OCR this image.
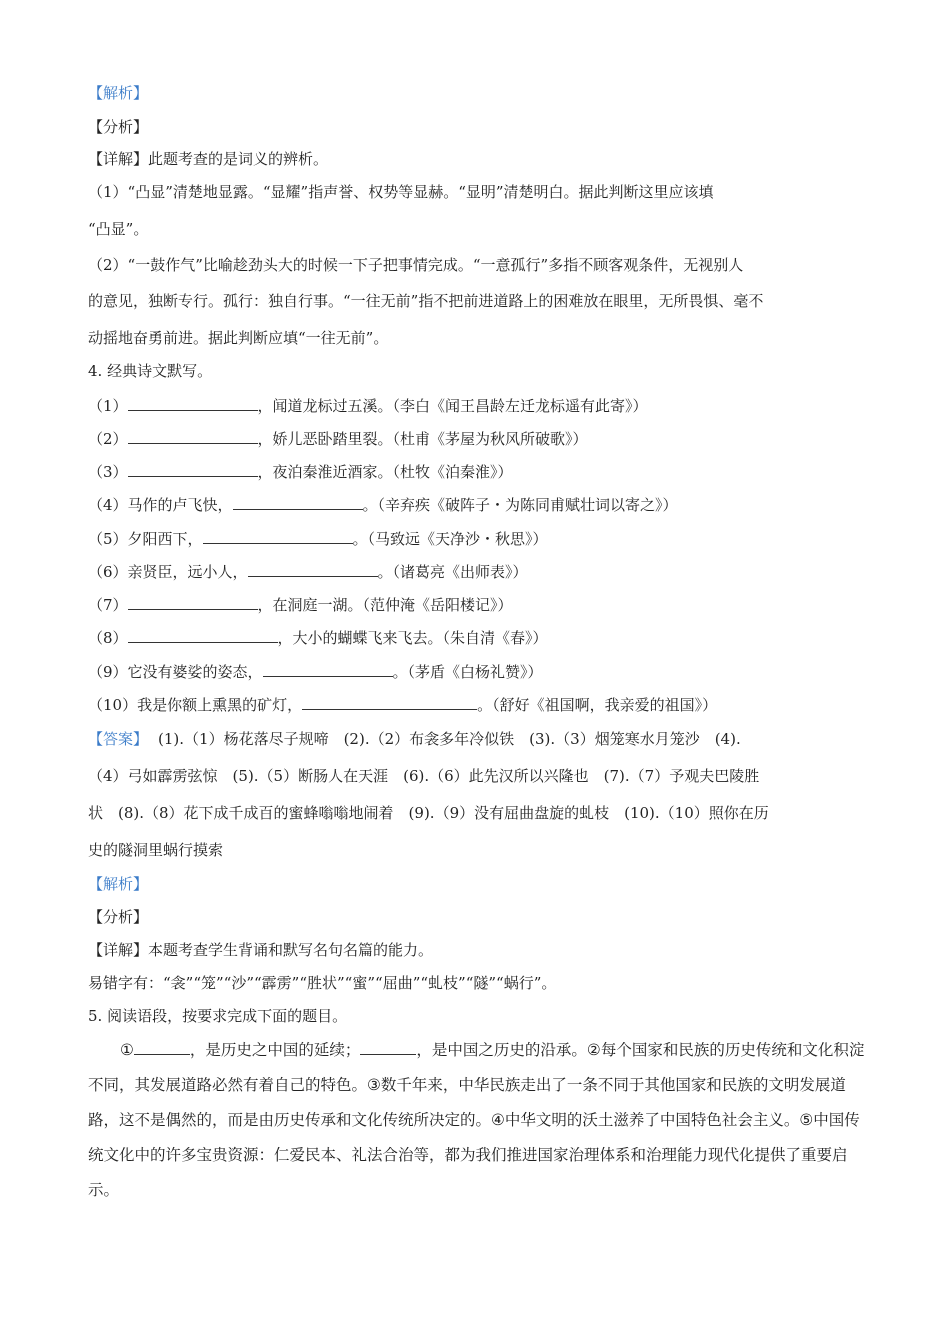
【解析】
【分析】
【详解】此题考查的是词义的辨析。
（1）“凸显”清楚地显露。“显耀”指声誉、权势等显赫。“显明”清楚明白。据此判断这里应该填
“凸显”。
（2）“一鼓作气”比喻趁劲头大的时候一下子把事情完成。“一意孤行”多指不顾客观条件，无视别人
的意见，独断专行。孤行：独自行事。“一往无前”指不把前进道路上的困难放在眼里，无所畏惧、毫不
动摇地奋勇前进。据此判断应填“一往无前”。
4. 经典诗文默写。
（1）	，闻道龙标过五溪。（李白《闻王昌龄左迁龙标遥有此寄》）
（2）	，娇儿恶卧踏里裂。（杜甫《茅屋为秋风所破歌》）
（3）	，夜泊秦淮近酒家。（杜牧《泊秦淮》）
（4）马作的卢飞快，	。（辛弃疾《破阵子・为陈同甫赋壮词以寄之》）
（5）夕阳西下，	。（马致远《天净沙・秋思》）
（6）亲贤臣，远小人，	。（诸葛亮《出师表》）
（7）	，在洞庭一湖。（范仲淹《岳阳楼记》）
（8）	，大小的蝴蝶飞来飞去。（朱自清《春》）
（9）它没有婆娑的姿态，	。（茅盾《白杨礼赞》）
（10）我是你额上熏黑的矿灯，	。（舒好《祖国啊，我亲爱的祖国》）
【答案】 (1).（1）杨花落尽子规啼　(2).（2）布衾多年冷似铁　(3).（3）烟笼寒水月笼沙　(4).
（4）弓如霹雳弦惊　(5).（5）断肠人在天涯　(6).（6）此先汉所以兴隆也　(7).（7）予观夫巴陵胜
状　(8).（8）花下成千成百的蜜蜂嗡嗡地闹着　(9).（9）没有屈曲盘旋的虬枝　(10).（10）照你在历
史的隧洞里蜗行摸索
【解析】
【分析】
【详解】本题考查学生背诵和默写名句名篇的能力。
易错字有：“衾”“笼”“沙”“霹雳”“胜状”“蜜”“屈曲”“虬枝”“隧”“蜗行”。
5. 阅读语段，按要求完成下面的题目。
①	，是历史之中国的延续；	，是中国之历史的沿承。②每个国家和民族的历史传统和文化积淀不同，其发展道路必然有着自己的特色。③数千年来，中华民族走出了一条不同于其他国家和民族的文明发展道路，这不是偶然的，而是由历史传承和文化传统所决定的。④中华文明的沃土滋养了中国特色社会主义。⑤中国传统文化中的许多宝贵资源：仁爱民本、礼法合治等，都为我们推进国家治理体系和治理能力现代化提供了重要启示。
